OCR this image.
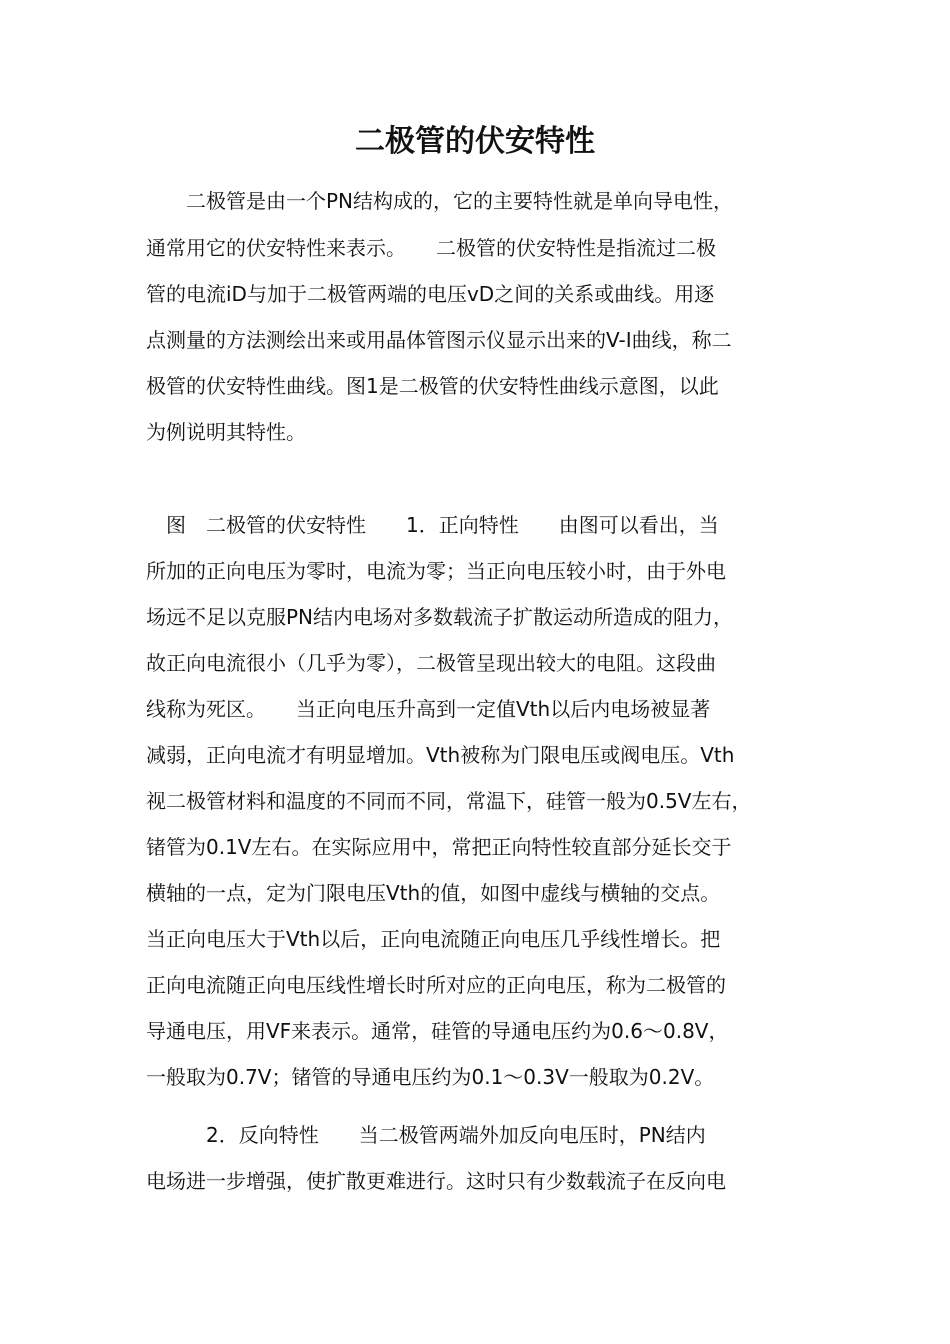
二极管的伏安特性
　　二极管是由一个PN结构成的，它的主要特性就是单向导电性，
通常用它的伏安特性来表示。　　二极管的伏安特性是指流过二极
管的电流iD与加于二极管两端的电压vD之间的关系或曲线。用逐
点测量的方法测绘出来或用晶体管图示仪显示出来的V-I曲线，称二
极管的伏安特性曲线。图1是二极管的伏安特性曲线示意图，以此
为例说明其特性。
　图　二极管的伏安特性　　1．正向特性　　由图可以看出，当
所加的正向电压为零时，电流为零；当正向电压较小时，由于外电
场远不足以克服PN结内电场对多数载流子扩散运动所造成的阻力，
故正向电流很小（几乎为零），二极管呈现出较大的电阻。这段曲
线称为死区。　　当正向电压升高到一定值Vth以后内电场被显著
减弱，正向电流才有明显增加。Vth被称为门限电压或阀电压。Vth
视二极管材料和温度的不同而不同，常温下，硅管一般为0.5V左右，
锗管为0.1V左右。在实际应用中，常把正向特性较直部分延长交于
横轴的一点，定为门限电压Vth的值，如图中虚线与横轴的交点。
当正向电压大于Vth以后，正向电流随正向电压几乎线性增长。把
正向电流随正向电压线性增长时所对应的正向电压，称为二极管的
导通电压，用VF来表示。通常，硅管的导通电压约为0.6～0.8V，
一般取为0.7V；锗管的导通电压约为0.1～0.3V一般取为0.2V。
　　　2．反向特性　　当二极管两端外加反向电压时，PN结内
电场进一步增强，使扩散更难进行。这时只有少数载流子在反向电
